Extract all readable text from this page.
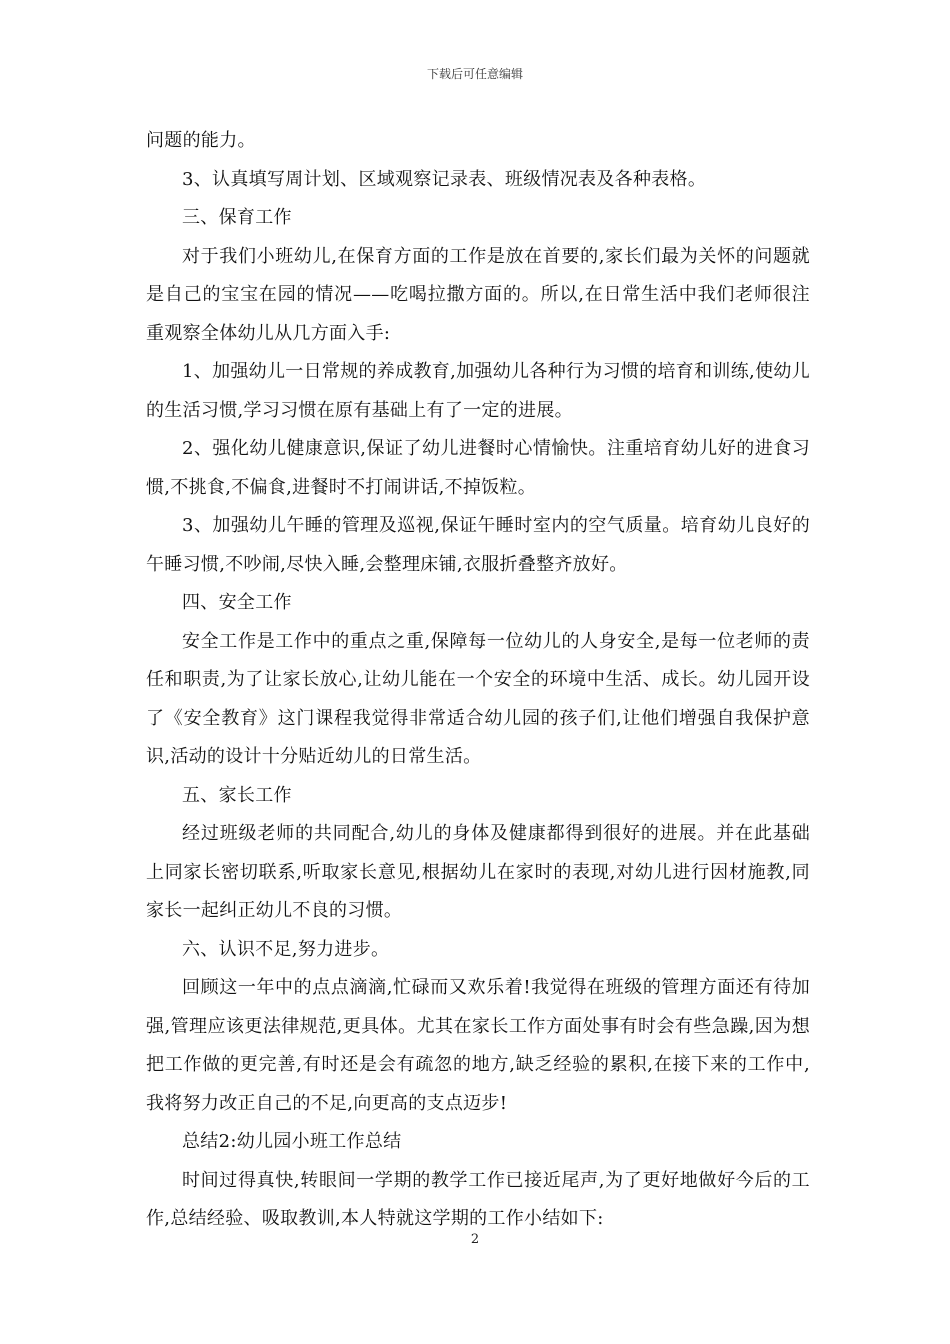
下载后可任意编辑

问题的能力。

3、认真填写周计划、区域观察记录表、班级情况表及各种表格。

三、保育工作

对于我们小班幼儿,在保育方面的工作是放在首要的,家长们最为关怀的问题就是自己的宝宝在园的情况——吃喝拉撒方面的。所以,在日常生活中我们老师很注重观察全体幼儿从几方面入手:

1、加强幼儿一日常规的养成教育,加强幼儿各种行为习惯的培育和训练,使幼儿的生活习惯,学习习惯在原有基础上有了一定的进展。

2、强化幼儿健康意识,保证了幼儿进餐时心情愉快。注重培育幼儿好的进食习惯,不挑食,不偏食,进餐时不打闹讲话,不掉饭粒。

3、加强幼儿午睡的管理及巡视,保证午睡时室内的空气质量。培育幼儿良好的午睡习惯,不吵闹,尽快入睡,会整理床铺,衣服折叠整齐放好。

四、安全工作

安全工作是工作中的重点之重,保障每一位幼儿的人身安全,是每一位老师的责任和职责,为了让家长放心,让幼儿能在一个安全的环境中生活、成长。幼儿园开设了《安全教育》这门课程我觉得非常适合幼儿园的孩子们,让他们增强自我保护意识,活动的设计十分贴近幼儿的日常生活。

五、家长工作

经过班级老师的共同配合,幼儿的身体及健康都得到很好的进展。并在此基础上同家长密切联系,听取家长意见,根据幼儿在家时的表现,对幼儿进行因材施教,同家长一起纠正幼儿不良的习惯。

六、认识不足,努力进步。

回顾这一年中的点点滴滴,忙碌而又欢乐着!我觉得在班级的管理方面还有待加强,管理应该更法律规范,更具体。尤其在家长工作方面处事有时会有些急躁,因为想把工作做的更完善,有时还是会有疏忽的地方,缺乏经验的累积,在接下来的工作中,我将努力改正自己的不足,向更高的支点迈步!

总结2:幼儿园小班工作总结

时间过得真快,转眼间一学期的教学工作已接近尾声,为了更好地做好今后的工作,总结经验、吸取教训,本人特就这学期的工作小结如下:

2
